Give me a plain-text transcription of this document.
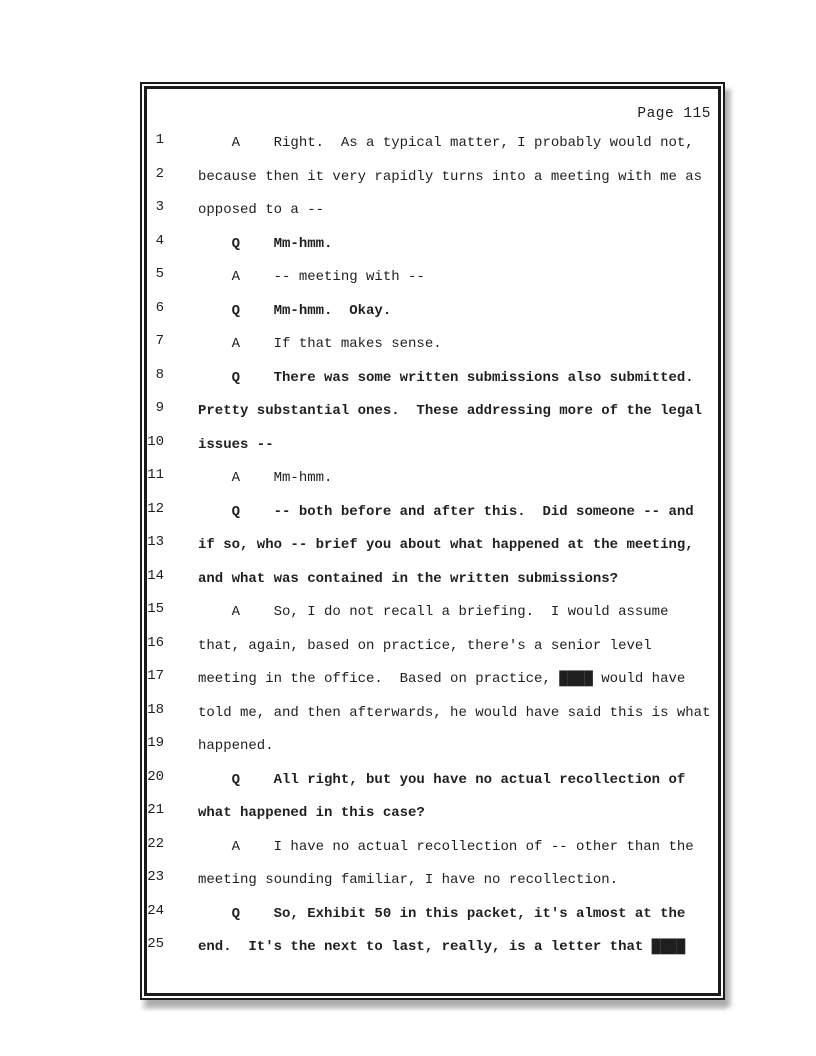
Page 115
1 A    Right.  As a typical matter, I probably would not,
2 because then it very rapidly turns into a meeting with me as
3 opposed to a --
4 Q    Mm-hmm.
5 A    -- meeting with --
6 Q    Mm-hmm.  Okay.
7 A    If that makes sense.
8 Q    There was some written submissions also submitted.
9 Pretty substantial ones.  These addressing more of the legal
10 issues --
11 A    Mm-hmm.
12 Q    -- both before and after this.  Did someone -- and
13 if so, who -- brief you about what happened at the meeting,
14 and what was contained in the written submissions?
15 A    So, I do not recall a briefing.  I would assume
16 that, again, based on practice, there's a senior level
17 meeting in the office.  Based on practice, ████ would have
18 told me, and then afterwards, he would have said this is what
19 happened.
20 Q    All right, but you have no actual recollection of
21 what happened in this case?
22 A    I have no actual recollection of -- other than the
23 meeting sounding familiar, I have no recollection.
24 Q    So, Exhibit 50 in this packet, it's almost at the
25 end.  It's the next to last, really, is a letter that ████
